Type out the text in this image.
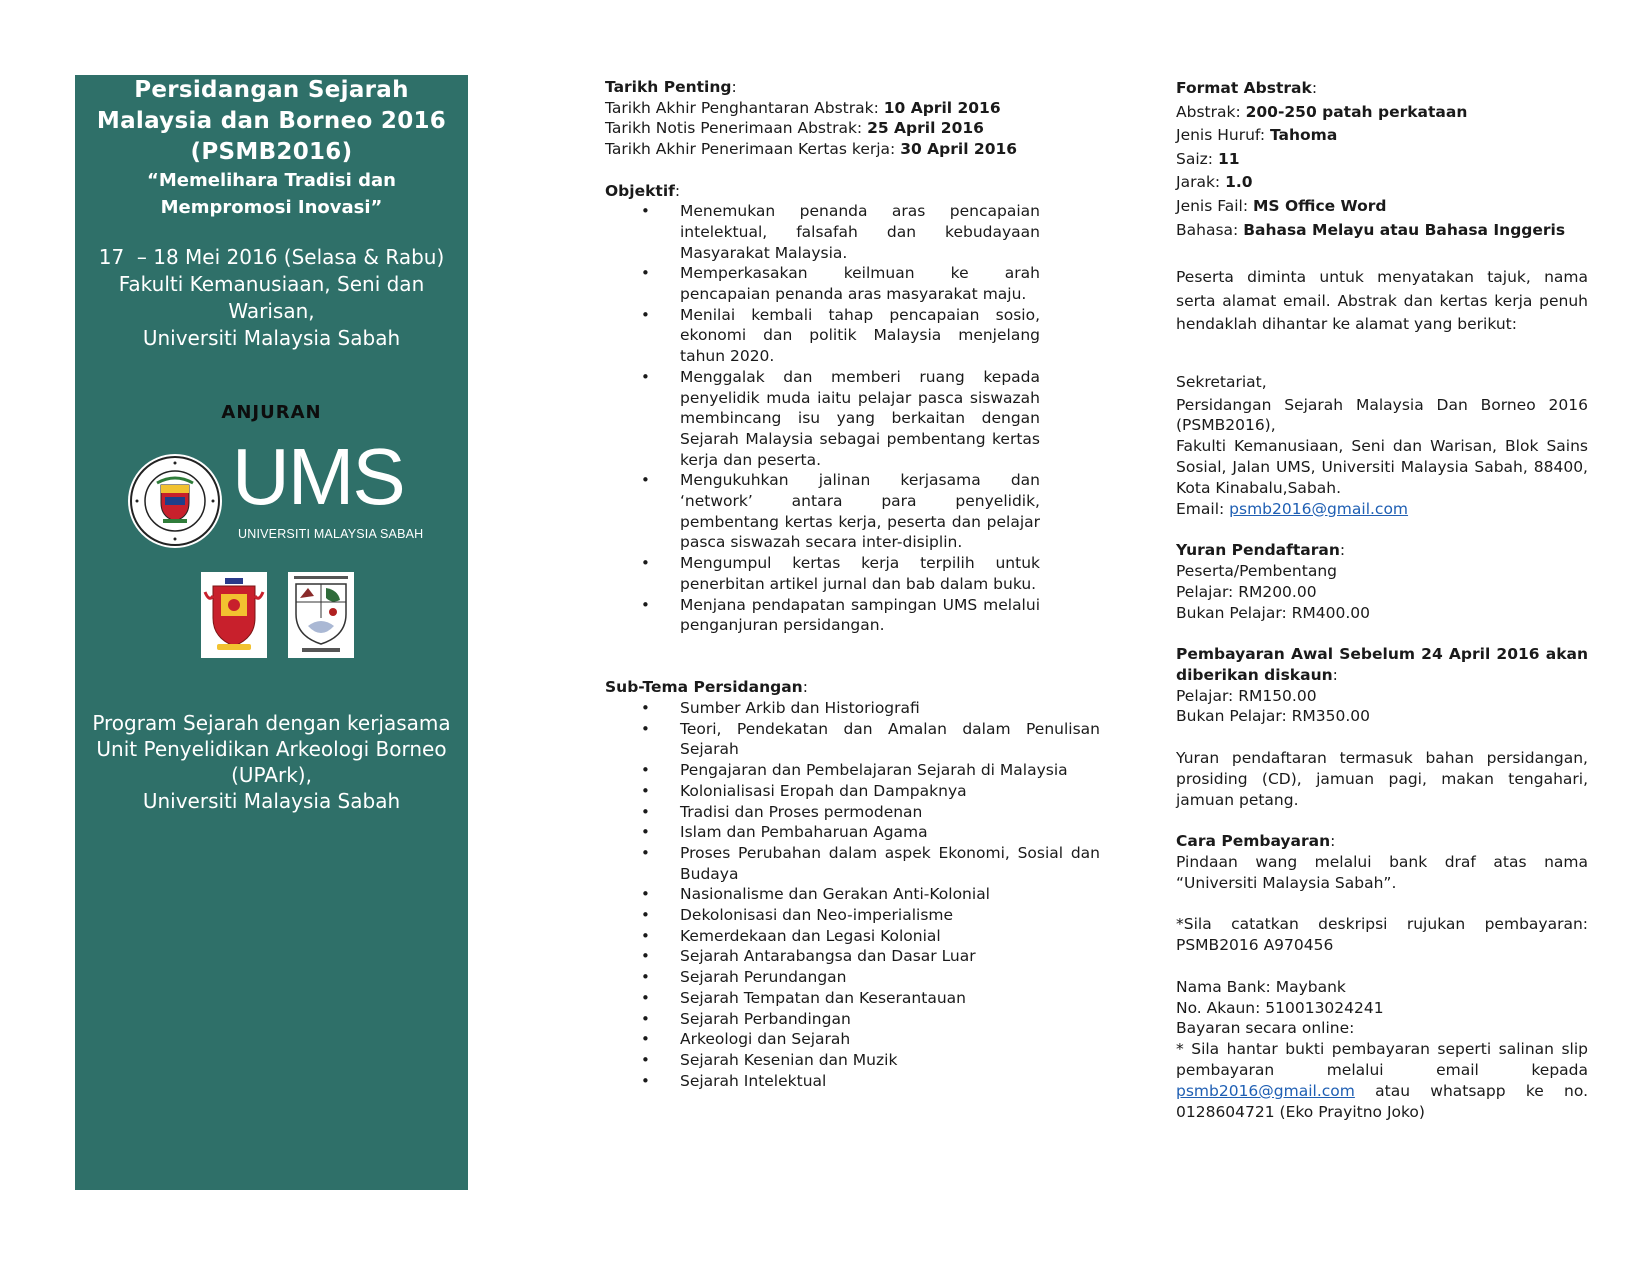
Persidangan Sejarah
Malaysia dan Borneo 2016
(PSMB2016)
“Memelihara Tradisi dan
Mempromosi Inovasi”
17  – 18 Mei 2016 (Selasa & Rabu)
Fakulti Kemanusiaan, Seni dan
Warisan,
Universiti Malaysia Sabah
ANJURAN
UMS
UNIVERSITI MALAYSIA SABAH
Program Sejarah dengan kerjasama
Unit Penyelidikan Arkeologi Borneo
(UPArk),
Universiti Malaysia Sabah

Tarikh Penting:

Tarikh Akhir Penghantaran Abstrak: 10 April 2016

Tarikh Notis Penerimaan Abstrak: 25 April 2016

Tarikh Akhir Penerimaan Kertas kerja: 30 April 2016

Objektif:

• Menemukan penanda aras pencapaian intelektual, falsafah dan kebudayaan Masyarakat Malaysia.
• Memperkasakan keilmuan ke arah pencapaian penanda aras masyarakat maju.
• Menilai kembali tahap pencapaian sosio, ekonomi dan politik Malaysia menjelang tahun 2020.
• Menggalak dan memberi ruang kepada penyelidik muda iaitu pelajar pasca siswazah membincang isu yang berkaitan dengan Sejarah Malaysia sebagai pembentang kertas kerja dan peserta.
• Mengukuhkan jalinan kerjasama dan ‘network’ antara para penyelidik, pembentang kertas kerja, peserta dan pelajar pasca siswazah secara inter-disiplin.
• Mengumpul kertas kerja terpilih untuk penerbitan artikel jurnal dan bab dalam buku.
• Menjana pendapatan sampingan UMS melalui penganjuran persidangan.

Sub-Tema Persidangan:

• Sumber Arkib dan Historiografi
• Teori, Pendekatan dan Amalan dalam Penulisan Sejarah
• Pengajaran dan Pembelajaran Sejarah di Malaysia
• Kolonialisasi Eropah dan Dampaknya
• Tradisi dan Proses permodenan
• Islam dan Pembaharuan Agama
• Proses Perubahan dalam aspek Ekonomi, Sosial dan Budaya
• Nasionalisme dan Gerakan Anti-Kolonial
• Dekolonisasi dan Neo-imperialisme
• Kemerdekaan dan Legasi Kolonial
• Sejarah Antarabangsa dan Dasar Luar
• Sejarah Perundangan
• Sejarah Tempatan dan Keserantauan
• Sejarah Perbandingan
• Arkeologi dan Sejarah
• Sejarah Kesenian dan Muzik
• Sejarah Intelektual

Format Abstrak:

Abstrak: 200-250 patah perkataan

Jenis Huruf: Tahoma

Saiz: 11

Jarak: 1.0

Jenis Fail: MS Office Word

Bahasa: Bahasa Melayu atau Bahasa Inggeris

Peserta diminta untuk menyatakan tajuk, nama serta alamat email. Abstrak dan kertas kerja penuh hendaklah dihantar ke alamat yang berikut:

Sekretariat,

Persidangan Sejarah Malaysia Dan Borneo 2016 (PSMB2016),

Fakulti Kemanusiaan, Seni dan Warisan, Blok Sains Sosial, Jalan UMS, Universiti Malaysia Sabah, 88400, Kota Kinabalu,Sabah.

Email: psmb2016@gmail.com

Yuran Pendaftaran:

Peserta/Pembentang

Pelajar: RM200.00

Bukan Pelajar: RM400.00

Pembayaran Awal Sebelum 24 April 2016 akan diberikan diskaun:

Pelajar: RM150.00

Bukan Pelajar: RM350.00

Yuran pendaftaran termasuk bahan persidangan, prosiding (CD), jamuan pagi, makan tengahari, jamuan petang.

Cara Pembayaran:

Pindaan wang melalui bank draf atas nama “Universiti Malaysia Sabah”.

*Sila catatkan deskripsi rujukan pembayaran: PSMB2016 A970456

Nama Bank: Maybank

No. Akaun: 510013024241

Bayaran secara online:

* Sila hantar bukti pembayaran seperti salinan slip pembayaran melalui email kepada psmb2016@gmail.com atau whatsapp ke no. 0128604721 (Eko Prayitno Joko)
